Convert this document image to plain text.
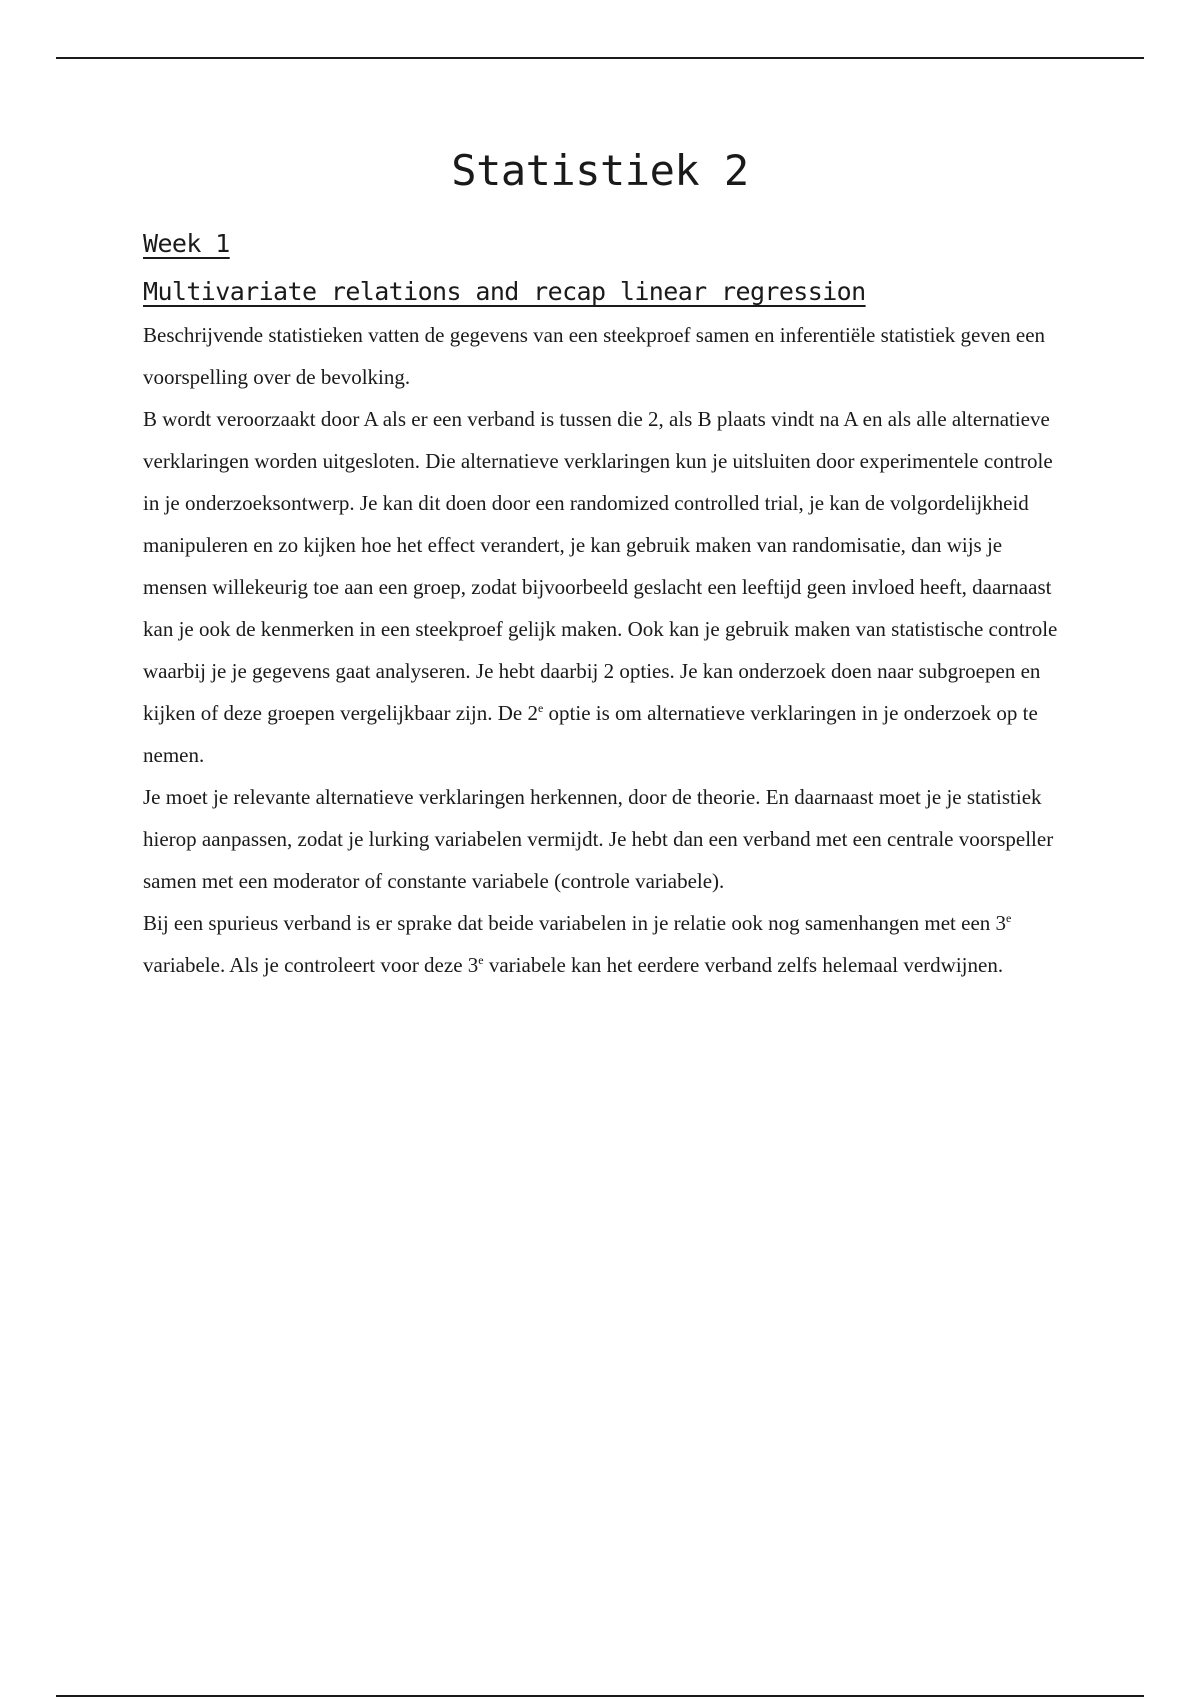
Statistiek 2
Week 1
Multivariate relations and recap linear regression

Beschrijvende statistieken vatten de gegevens van een steekproef samen en inferentiële statistiek geven een voorspelling over de bevolking.

B wordt veroorzaakt door A als er een verband is tussen die 2, als B plaats vindt na A en als alle alternatieve verklaringen worden uitgesloten. Die alternatieve verklaringen kun je uitsluiten door experimentele controle in je onderzoeksontwerp. Je kan dit doen door een randomized controlled trial, je kan de volgordelijkheid manipuleren en zo kijken hoe het effect verandert, je kan gebruik maken van randomisatie, dan wijs je mensen willekeurig toe aan een groep, zodat bijvoorbeeld geslacht een leeftijd geen invloed heeft, daarnaast kan je ook de kenmerken in een steekproef gelijk maken. Ook kan je gebruik maken van statistische controle waarbij je je gegevens gaat analyseren. Je hebt daarbij 2 opties. Je kan onderzoek doen naar subgroepen en kijken of deze groepen vergelijkbaar zijn. De 2e optie is om alternatieve verklaringen in je onderzoek op te nemen.

Je moet je relevante alternatieve verklaringen herkennen, door de theorie. En daarnaast moet je je statistiek hierop aanpassen, zodat je lurking variabelen vermijdt. Je hebt dan een verband met een centrale voorspeller samen met een moderator of constante variabele (controle variabele).

Bij een spurieus verband is er sprake dat beide variabelen in je relatie ook nog samenhangen met een 3e variabele. Als je controleert voor deze 3e variabele kan het eerdere verband zelfs helemaal verdwijnen.
